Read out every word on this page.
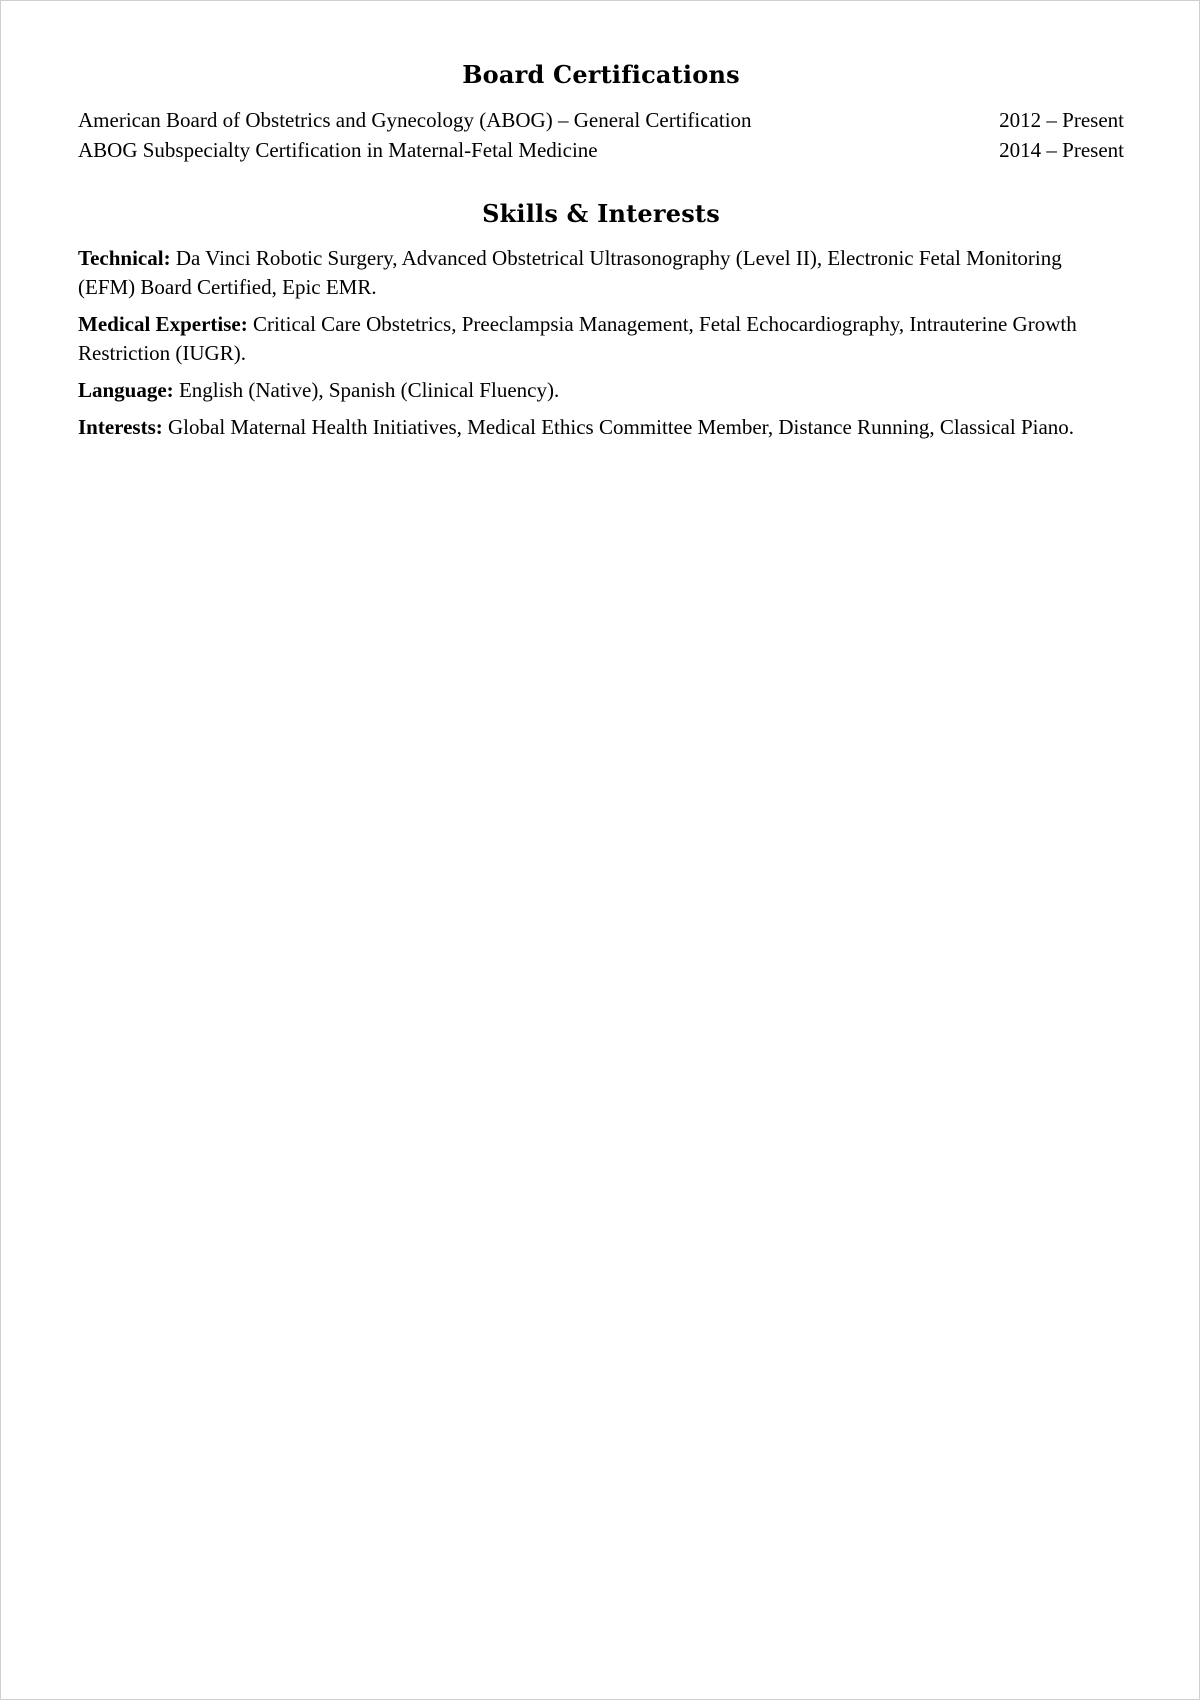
Board Certifications
American Board of Obstetrics and Gynecology (ABOG) – General Certification	2012 – Present
ABOG Subspecialty Certification in Maternal-Fetal Medicine	2014 – Present
Skills & Interests

Technical: Da Vinci Robotic Surgery, Advanced Obstetrical Ultrasonography (Level II), Electronic Fetal Monitoring (EFM) Board Certified, Epic EMR.

Medical Expertise: Critical Care Obstetrics, Preeclampsia Management, Fetal Echocardiography, Intrauterine Growth Restriction (IUGR).

Language: English (Native), Spanish (Clinical Fluency).

Interests: Global Maternal Health Initiatives, Medical Ethics Committee Member, Distance Running, Classical Piano.
